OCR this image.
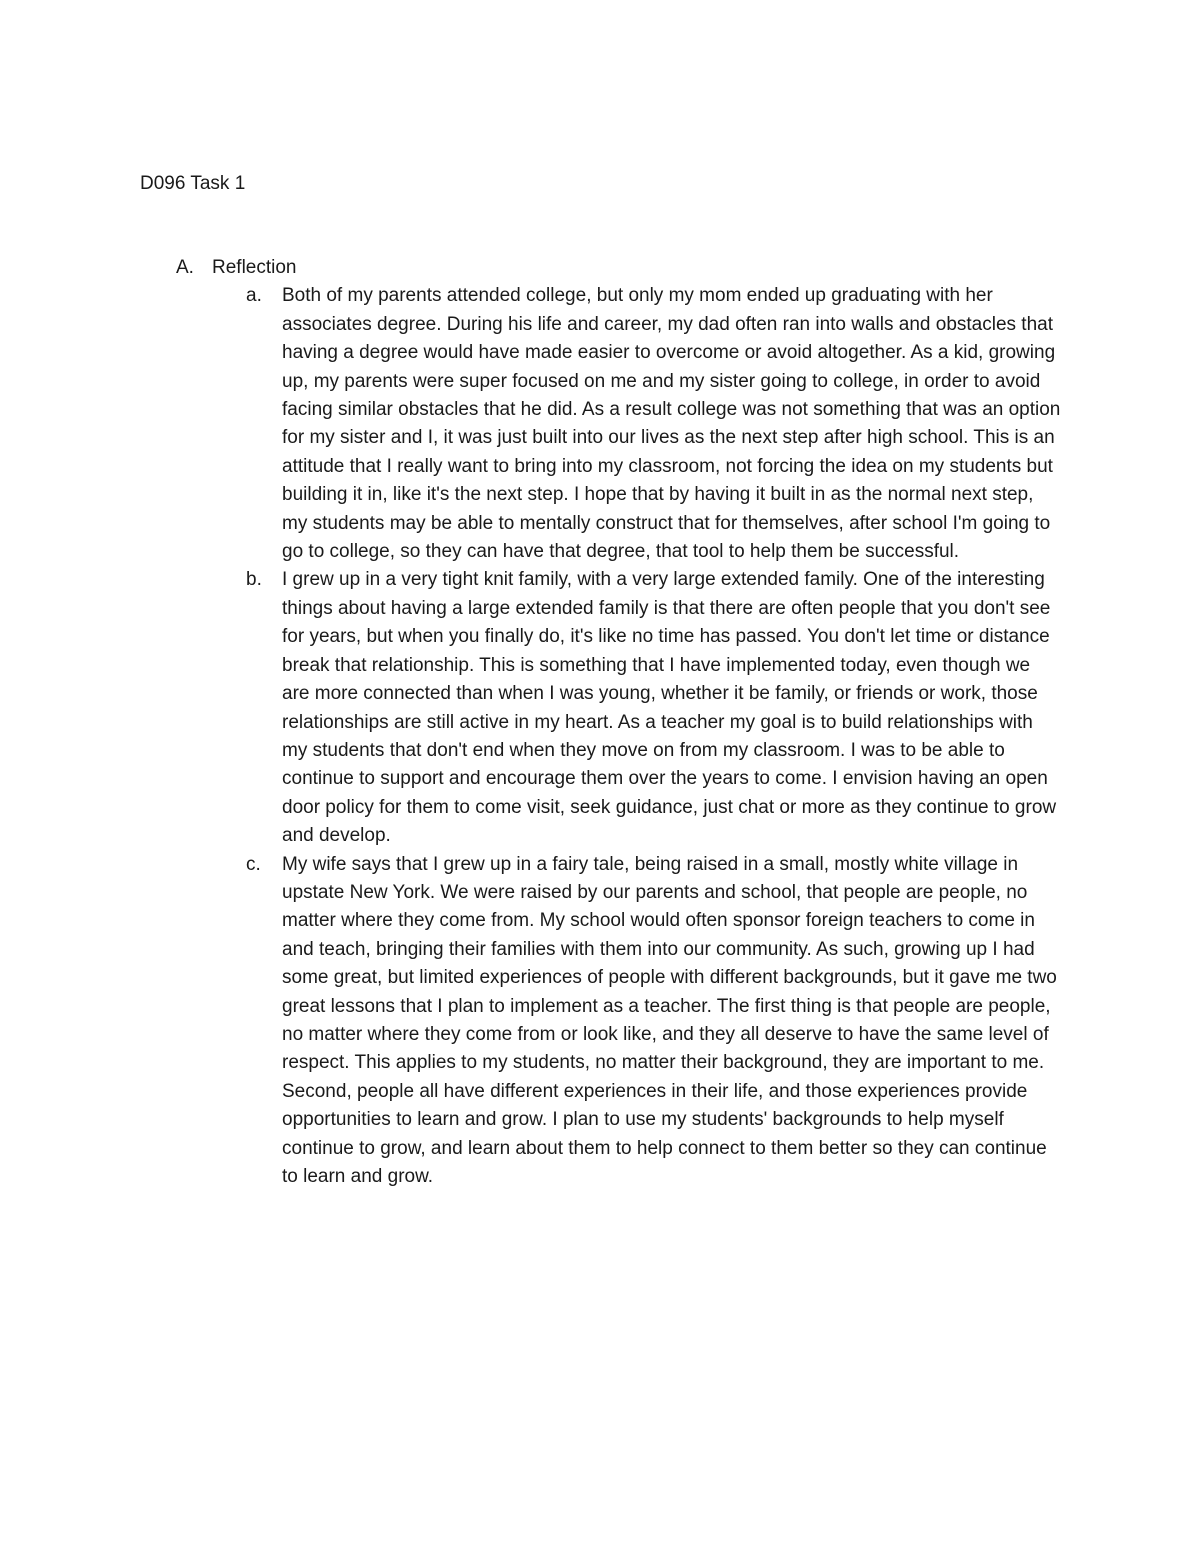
D096 Task 1
A. Reflection
a.	Both of my parents attended college, but only my mom ended up graduating with her associates degree. During his life and career, my dad often ran into walls and obstacles that having a degree would have made easier to overcome or avoid altogether. As a kid, growing up, my parents were super focused on me and my sister going to college, in order to avoid facing similar obstacles that he did. As a result college was not something that was an option for my sister and I, it was just built into our lives as the next step after high school. This is an attitude that I really want to bring into my classroom, not forcing the idea on my students but building it in, like it's the next step. I hope that by having it built in as the normal next step, my students may be able to mentally construct that for themselves, after school I'm going to go to college, so they can have that degree, that tool to help them be successful.
b.	I grew up in a very tight knit family, with a very large extended family. One of the interesting things about having a large extended family is that there are often people that you don't see for years, but when you finally do, it's like no time has passed. You don't let time or distance break that relationship. This is something that I have implemented today, even though we are more connected than when I was young, whether it be family, or friends or work, those relationships are still active in my heart. As a teacher my goal is to build relationships with my students that don't end when they move on from my classroom. I was to be able to continue to support and encourage them over the years to come. I envision having an open door policy for them to come visit, seek guidance, just chat or more as they continue to grow and develop.
c.	My wife says that I grew up in a fairy tale, being raised in a small, mostly white village in upstate New York. We were raised by our parents and school, that people are people, no matter where they come from. My school would often sponsor foreign teachers to come in and teach, bringing their families with them into our community. As such, growing up I had some great, but limited experiences of people with different backgrounds, but it gave me two great lessons that I plan to implement as a teacher. The first thing is that people are people, no matter where they come from or look like, and they all deserve to have the same level of respect. This applies to my students, no matter their background, they are important to me. Second, people all have different experiences in their life, and those experiences provide opportunities to learn and grow. I plan to use my students' backgrounds to help myself continue to grow, and learn about them to help connect to them better so they can continue to learn and grow.
